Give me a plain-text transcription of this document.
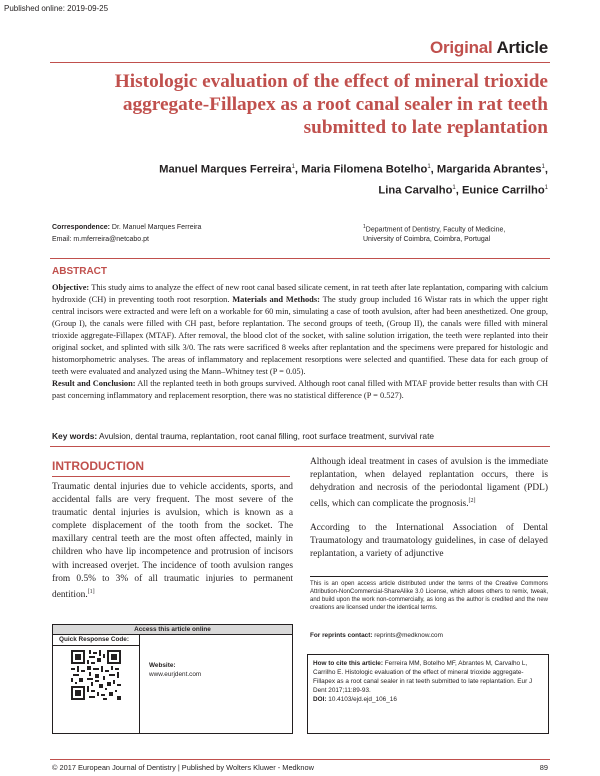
Published online: 2019-09-25
Original Article
Histologic evaluation of the effect of mineral trioxide aggregate-Fillapex as a root canal sealer in rat teeth submitted to late replantation
Manuel Marques Ferreira$^1$, Maria Filomena Botelho$^1$, Margarida Abrantes$^1$,
Lina Carvalho$^1$, Eunice Carrilho$^1$
Correspondence: Dr. Manuel Marques Ferreira
Email: m.mferreira@netcabo.pt
$^1$Department of Dentistry, Faculty of Medicine,
University of Coimbra, Coimbra, Portugal
ABSTRACT
Objective: This study aims to analyze the effect of new root canal based silicate cement, in rat teeth after late replantation, comparing with calcium hydroxide (CH) in preventing tooth root resorption. Materials and Methods: The study group included 16 Wistar rats in which the upper right central incisors were extracted and were left on a workable for 60 min, simulating a case of tooth avulsion, after had been anesthetized. One group, (Group I), the canals were filled with CH past, before replantation. The second groups of teeth, (Group II), the canals were filled with mineral trioxide aggregate-Fillapex (MTAF). After removal, the blood clot of the socket, with saline solution irrigation, the teeth were replanted into their original socket, and splinted with silk 3/0. The rats were sacrificed 8 weeks after replantation and the specimens were prepared for histologic and histomorphometric analyses. The areas of inflammatory and replacement resorptions were selected and quantified. These data for each group of teeth were evaluated and analyzed using the Mann–Whitney test (P = 0.05).
Result and Conclusion: All the replanted teeth in both groups survived. Although root canal filled with MTAF provide better results than with CH past concerning inflammatory and replacement resorption, there was no statistical difference (P = 0.527).
Key words: Avulsion, dental trauma, replantation, root canal filling, root surface treatment, survival rate
INTRODUCTION

Traumatic dental injuries due to vehicle accidents, sports, and accidental falls are very frequent. The most severe of the traumatic dental injuries is avulsion, which is known as a complete displacement of the tooth from the socket. The maxillary central teeth are the most often affected, mainly in children who have lip incompetence and protrusion of incisors with increased overjet. The incidence of tooth avulsion ranges from 0.5% to 3% of all traumatic injuries to permanent dentition.[1]

Although ideal treatment in cases of avulsion is the immediate replantation, when delayed replantation occurs, there is dehydration and necrosis of the periodontal ligament (PDL) cells, which can complicate the prognosis.[2]

According to the International Association of Dental Traumatology and traumatology guidelines, in case of delayed replantation, a variety of adjunctive

This is an open access article distributed under the terms of the Creative Commons Attribution-NonCommercial-ShareAlike 3.0 License, which allows others to remix, tweak, and build upon the work non-commercially, as long as the author is credited and the new creations are licensed under the identical terms.
For reprints contact: reprints@medknow.com
How to cite this article: Ferreira MM, Botelho MF, Abrantes M, Carvalho L, Carrilho E. Histologic evaluation of the effect of mineral trioxide aggregate-Fillapex as a root canal sealer in rat teeth submitted to late replantation. Eur J Dent 2017;11:89-93.
DOI: 10.4103/ejd.ejd_106_16
Access this article online
Quick Response Code:
Website:
www.eurjdent.com
© 2017 European Journal of Dentistry | Published by Wolters Kluwer - Medknow	89
